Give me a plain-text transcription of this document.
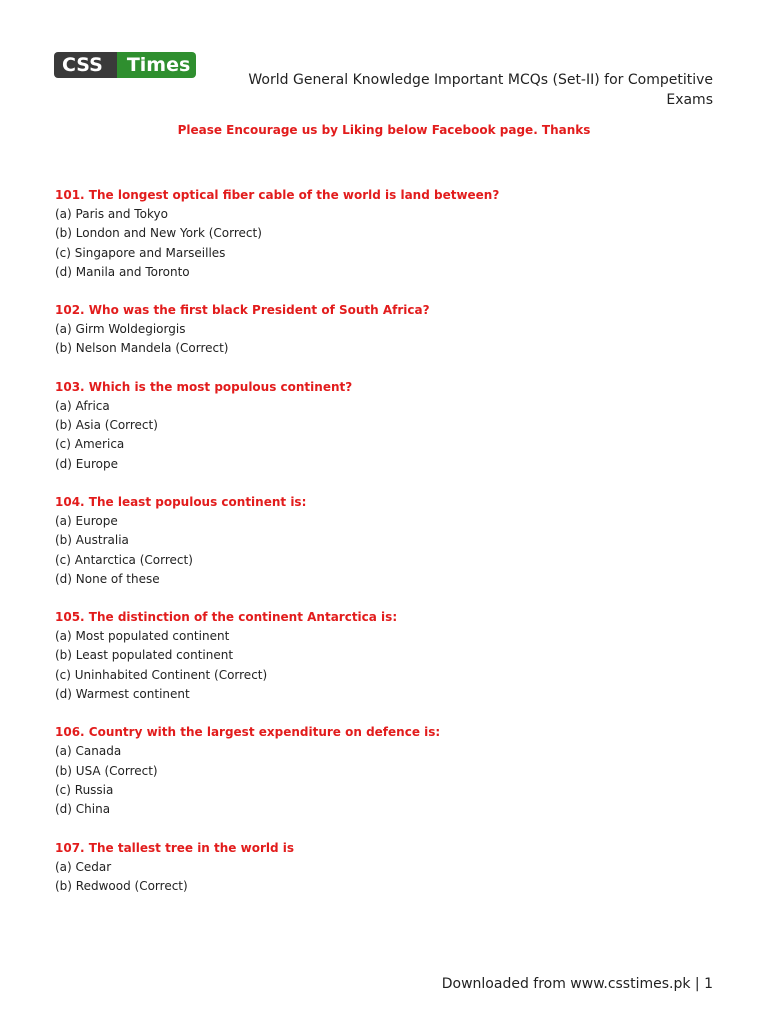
CSS	Times
World General Knowledge Important MCQs (Set-II) for Competitive Exams
Please Encourage us by Liking below Facebook page. Thanks
101. The longest optical fiber cable of the world is land between?
(a) Paris and Tokyo
(b) London and New York (Correct)
(c) Singapore and Marseilles
(d) Manila and Toronto
102. Who was the first black President of South Africa?
(a) Girm Woldegiorgis
(b) Nelson Mandela (Correct)
103. Which is the most populous continent?
(a) Africa
(b) Asia (Correct)
(c) America
(d) Europe
104. The least populous continent is:
(a) Europe
(b) Australia
(c) Antarctica (Correct)
(d) None of these
105. The distinction of the continent Antarctica is:
(a) Most populated continent
(b) Least populated continent
(c) Uninhabited Continent (Correct)
(d) Warmest continent
106. Country with the largest expenditure on defence is:
(a) Canada
(b) USA (Correct)
(c) Russia
(d) China
107. The tallest tree in the world is
(a) Cedar
(b) Redwood (Correct)
Downloaded from www.csstimes.pk | 1
